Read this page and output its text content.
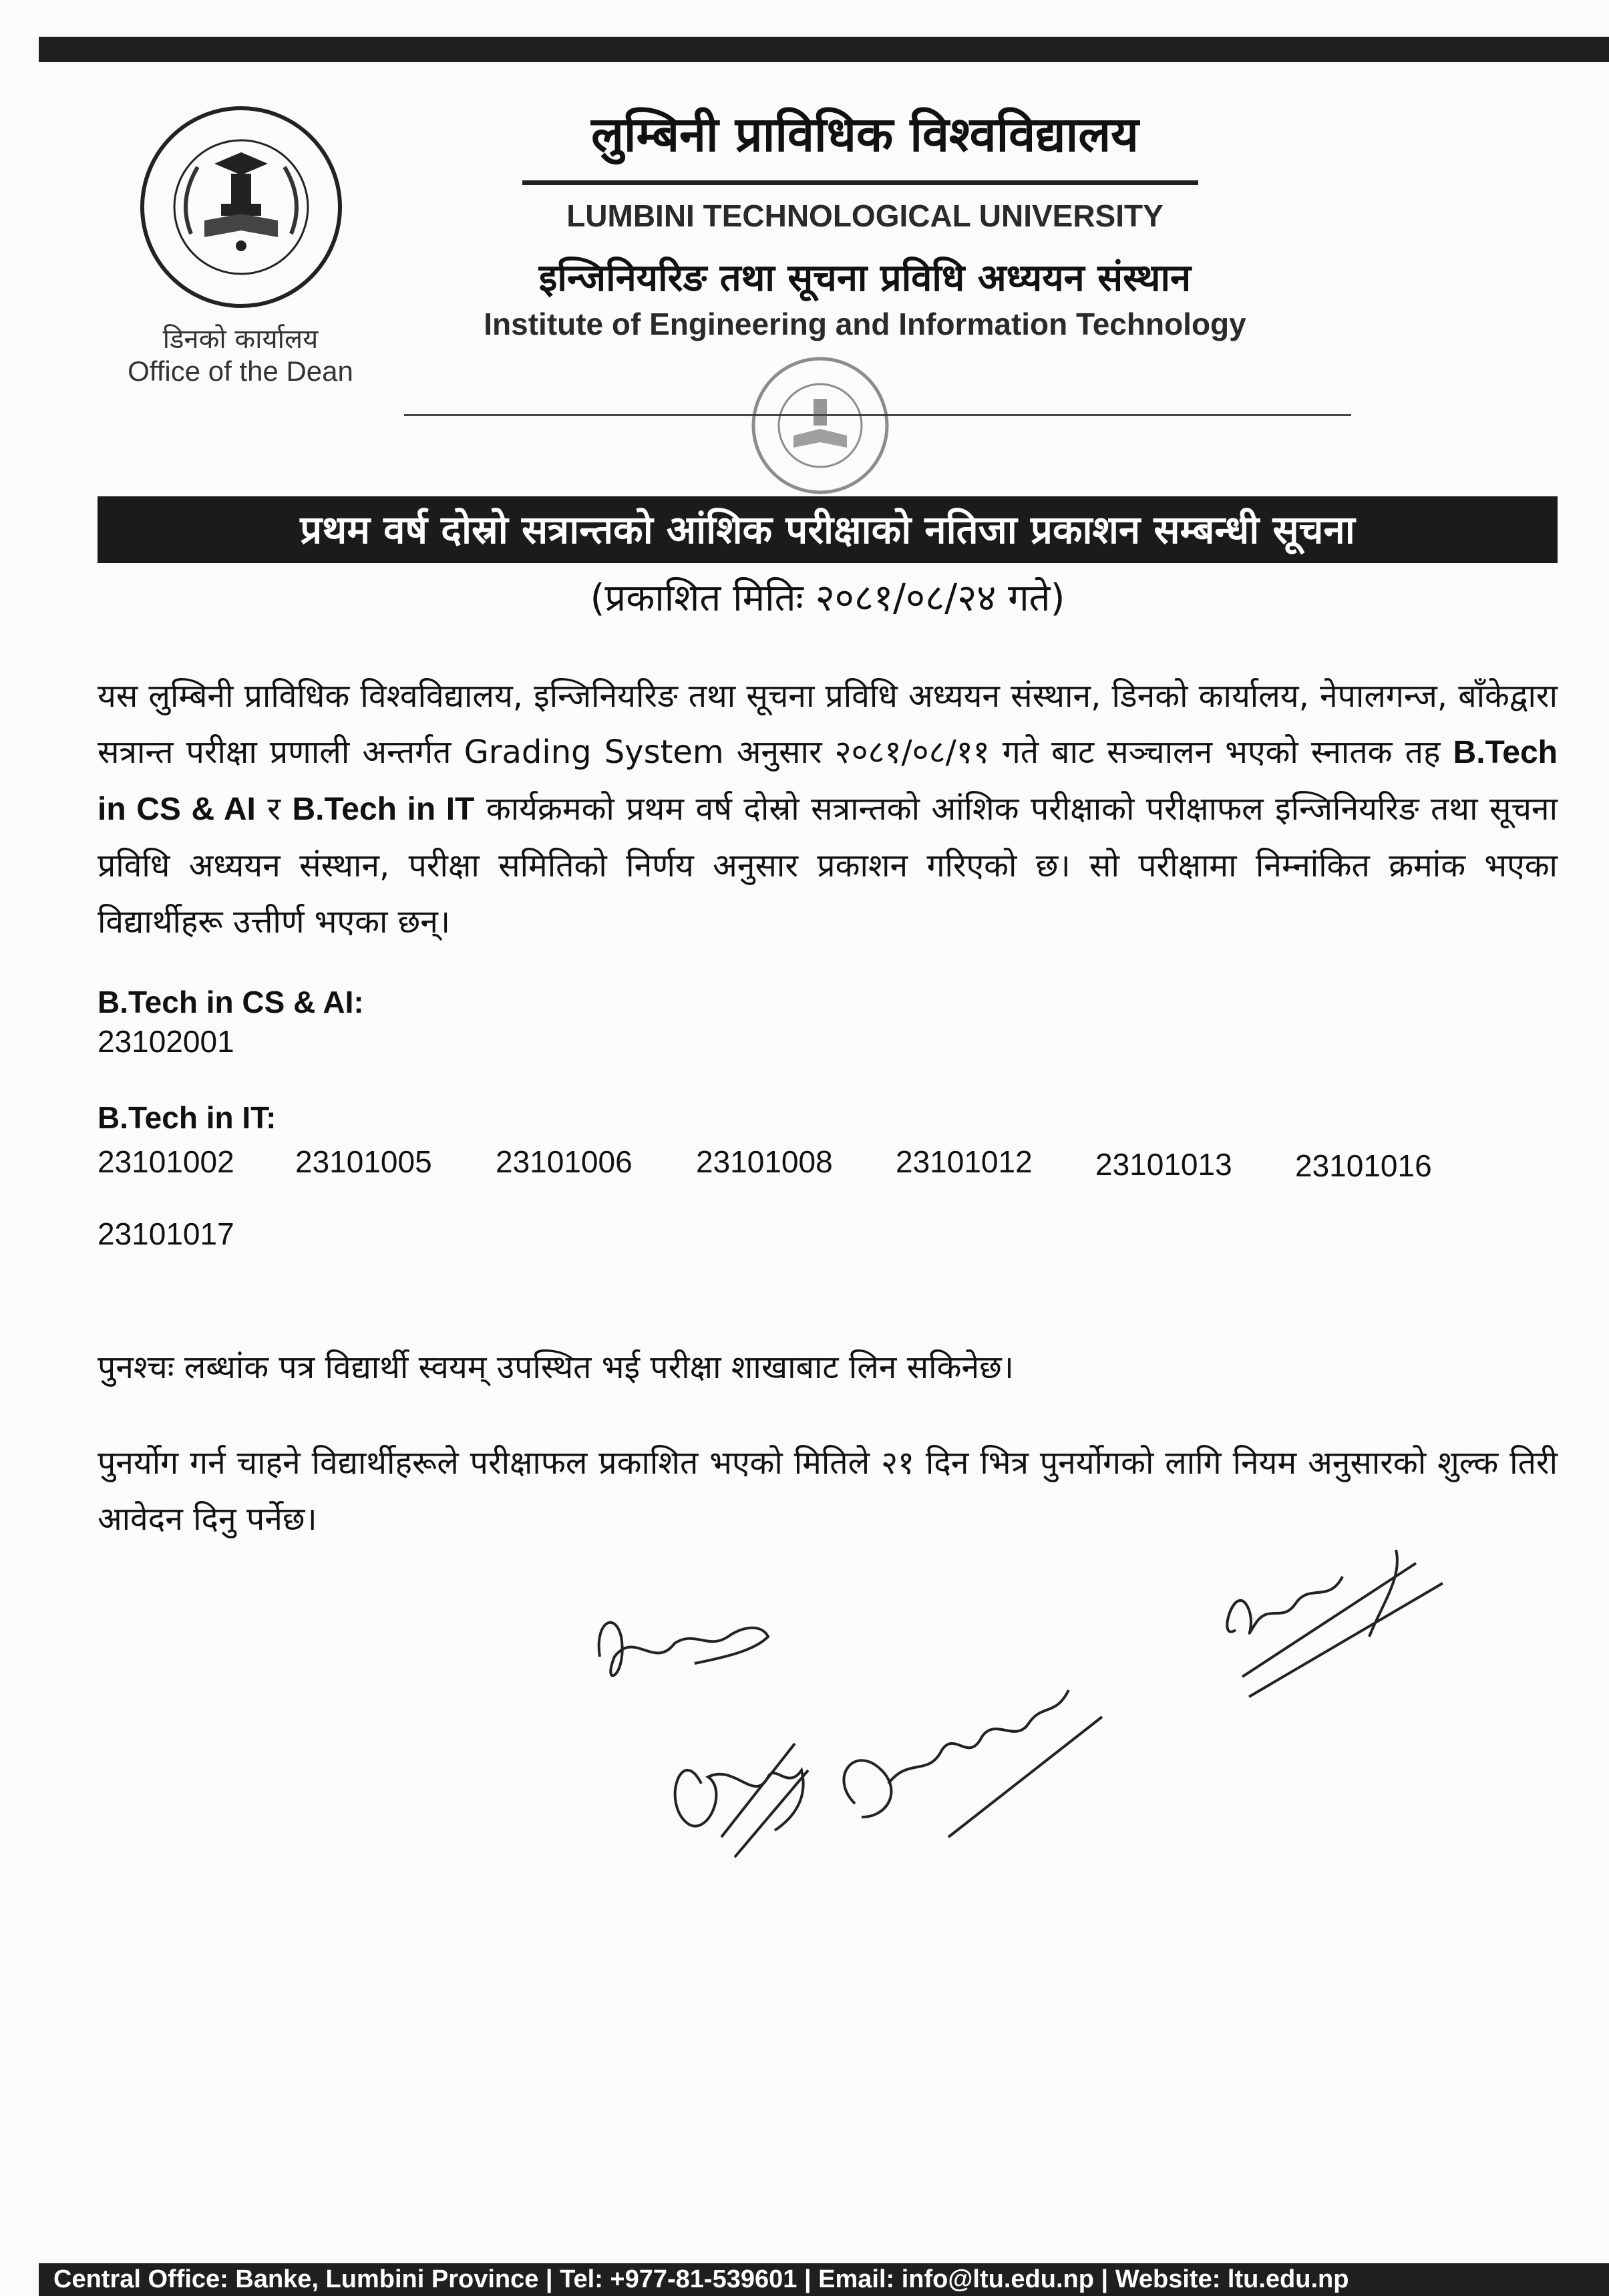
डिनको कार्यालय
Office of the Dean
लुम्बिनी प्राविधिक विश्वविद्यालय
LUMBINI TECHNOLOGICAL UNIVERSITY
इन्जिनियरिङ तथा सूचना प्रविधि अध्ययन संस्थान
Institute of Engineering and Information Technology
प्रथम वर्ष दोस्रो सत्रान्तको आंशिक परीक्षाको नतिजा प्रकाशन सम्बन्धी सूचना
(प्रकाशित मितिः २०८१/०८/२४ गते)
यस लुम्बिनी प्राविधिक विश्वविद्यालय, इन्जिनियरिङ तथा सूचना प्रविधि अध्ययन संस्थान, डिनको कार्यालय, नेपालगन्ज, बाँकेद्वारा सत्रान्त परीक्षा प्रणाली अन्तर्गत Grading System अनुसार २०८१/०८/११ गते बाट सञ्चालन भएको स्नातक तह B.Tech in CS & AI र B.Tech in IT कार्यक्रमको प्रथम वर्ष दोस्रो सत्रान्तको आंशिक परीक्षाको परीक्षाफल इन्जिनियरिङ तथा सूचना प्रविधि अध्ययन संस्थान, परीक्षा समितिको निर्णय अनुसार प्रकाशन गरिएको छ। सो परीक्षामा निम्नांकित क्रमांक भएका विद्यार्थीहरू उत्तीर्ण भएका छन्।
B.Tech in CS & AI:
23102001
B.Tech in IT:
23101002 23101005 23101006 23101008 23101012 23101013 23101016
23101017
पुनश्चः लब्धांक पत्र विद्यार्थी स्वयम् उपस्थित भई परीक्षा शाखाबाट लिन सकिनेछ।
पुनर्योग गर्न चाहने विद्यार्थीहरूले परीक्षाफल प्रकाशित भएको मितिले २१ दिन भित्र पुनर्योगको लागि नियम अनुसारको शुल्क तिरी आवेदन दिनु पर्नेछ।
Central Office: Banke, Lumbini Province | Tel: +977-81-539601 | Email: info@ltu.edu.np | Website: ltu.edu.np
